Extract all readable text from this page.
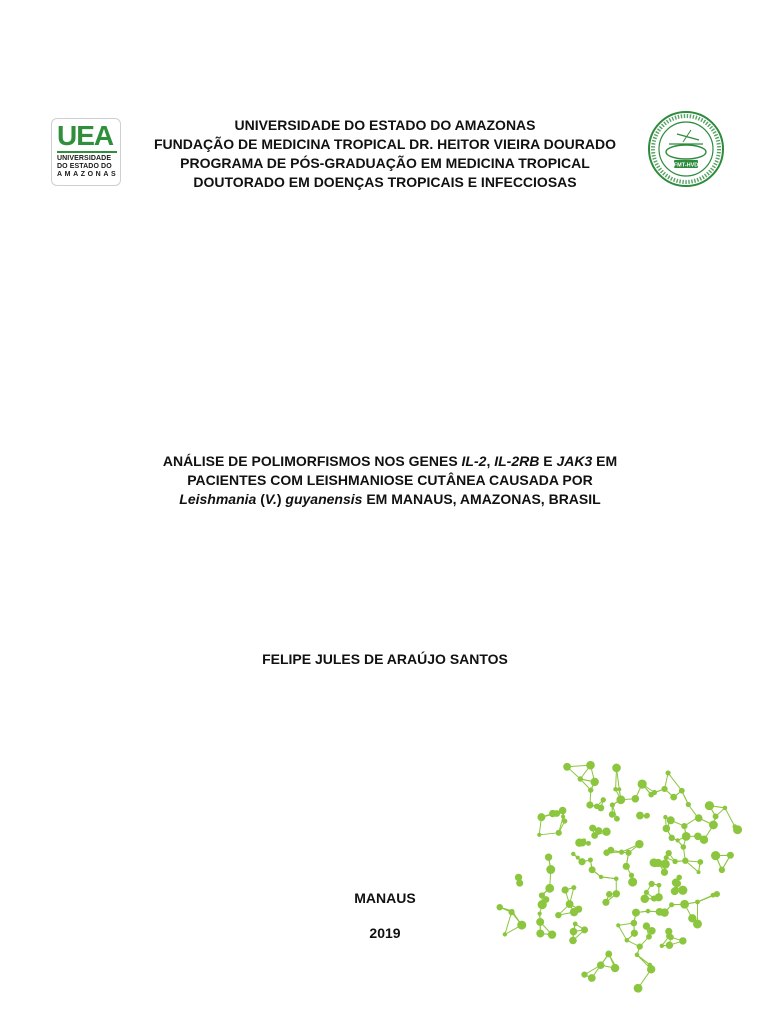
UEA
UNIVERSIDADE
DO ESTADO DO
AMAZONAS
FMT-HVD
UNIVERSIDADE DO ESTADO DO AMAZONAS
FUNDAÇÃO DE MEDICINA TROPICAL DR. HEITOR VIEIRA DOURADO
PROGRAMA DE PÓS-GRADUAÇÃO EM MEDICINA TROPICAL
DOUTORADO EM DOENÇAS TROPICAIS E INFECCIOSAS
ANÁLISE DE POLIMORFISMOS NOS GENES IL-2, IL-2RB E JAK3 EM
PACIENTES COM LEISHMANIOSE CUTÂNEA CAUSADA POR
Leishmania (V.) guyanensis EM MANAUS, AMAZONAS, BRASIL
FELIPE JULES DE ARAÚJO SANTOS
MANAUS
2019
